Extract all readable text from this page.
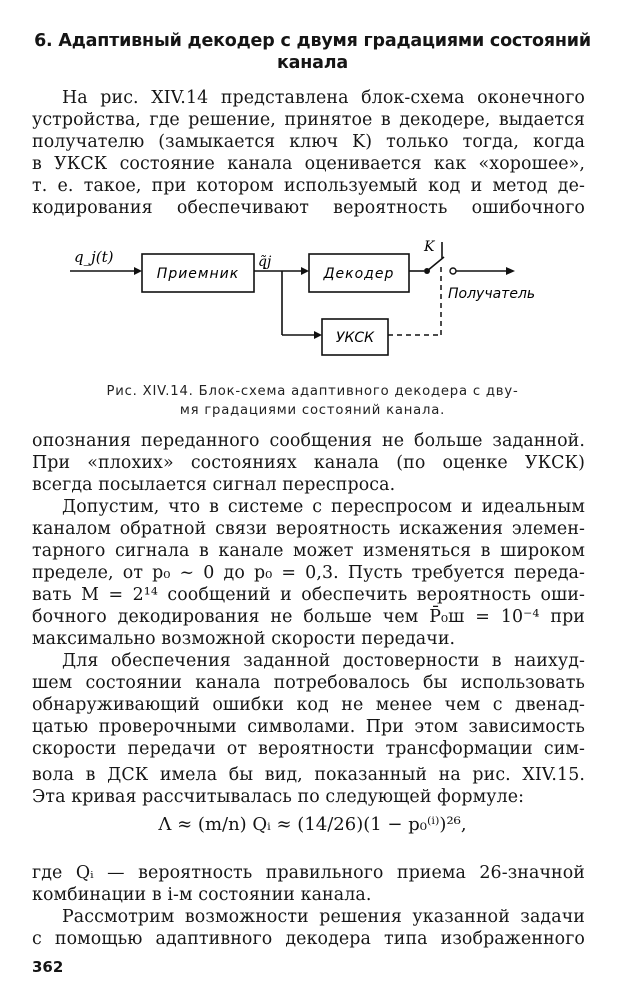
6. Адаптивный декодер с двумя градациями состояний
канала
На рис. XIV.14 представлена блок-схема оконечного
устройства, где решение, принятое в декодере, выдается
получателю (замыкается ключ K) только тогда, когда
в УКСК состояние канала оценивается как «хорошее»,
т. е. такое, при котором используемый код и метод де-
кодирования обеспечивают вероятность ошибочного
q_j(t)
Приемник
q̃j
Декодер
K
Получатель
УКСК
Рис. XIV.14. Блок-схема адаптивного декодера с дву-
мя градациями состояний канала.
опознания переданного сообщения не больше заданной.
При «плохих» состояниях канала (по оценке УКСК)
всегда посылается сигнал переспроса.
Допустим, что в системе с переспросом и идеальным
каналом обратной связи вероятность искажения элемен-
тарного сигнала в канале может изменяться в широком
пределе, от p₀ ~ 0 до p₀ = 0,3. Пусть требуется переда-
вать M = 2¹⁴ сообщений и обеспечить вероятность оши-
бочного декодирования не больше чем P̄₀ш = 10⁻⁴ при
максимально возможной скорости передачи.
Для обеспечения заданной достоверности в наихуд-
шем состоянии канала потребовалось бы использовать
обнаруживающий ошибки код не менее чем с двенад-
цатью проверочными символами. При этом зависимость
скорости передачи от вероятности трансформации сим-
вола в ДСК имела бы вид, показанный на рис. XIV.15.
Эта кривая рассчитывалась по следующей формуле:
Λ ≈ (m/n) Qᵢ ≈ (14/26)(1 − p₀⁽ⁱ⁾)²⁶,
где Qᵢ — вероятность правильного приема 26-значной
комбинации в i-м состоянии канала.
Рассмотрим возможности решения указанной задачи
с помощью адаптивного декодера типа изображенного
362
